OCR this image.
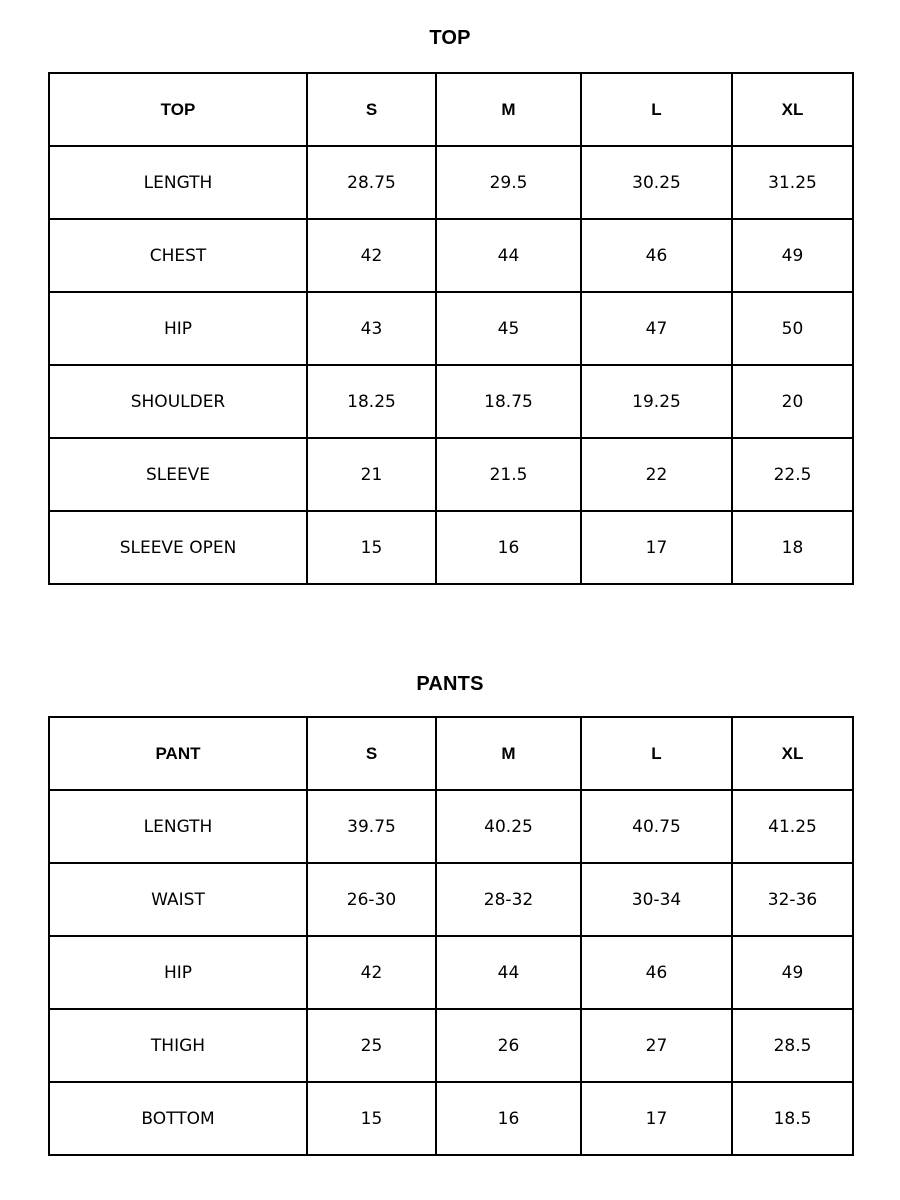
TOP
TOP	S	M	L	XL
LENGTH	28.75	29.5	30.25	31.25
CHEST	42	44	46	49
HIP	43	45	47	50
SHOULDER	18.25	18.75	19.25	20
SLEEVE	21	21.5	22	22.5
SLEEVE OPEN	15	16	17	18
PANTS
PANT	S	M	L	XL
LENGTH	39.75	40.25	40.75	41.25
WAIST	26-30	28-32	30-34	32-36
HIP	42	44	46	49
THIGH	25	26	27	28.5
BOTTOM	15	16	17	18.5
